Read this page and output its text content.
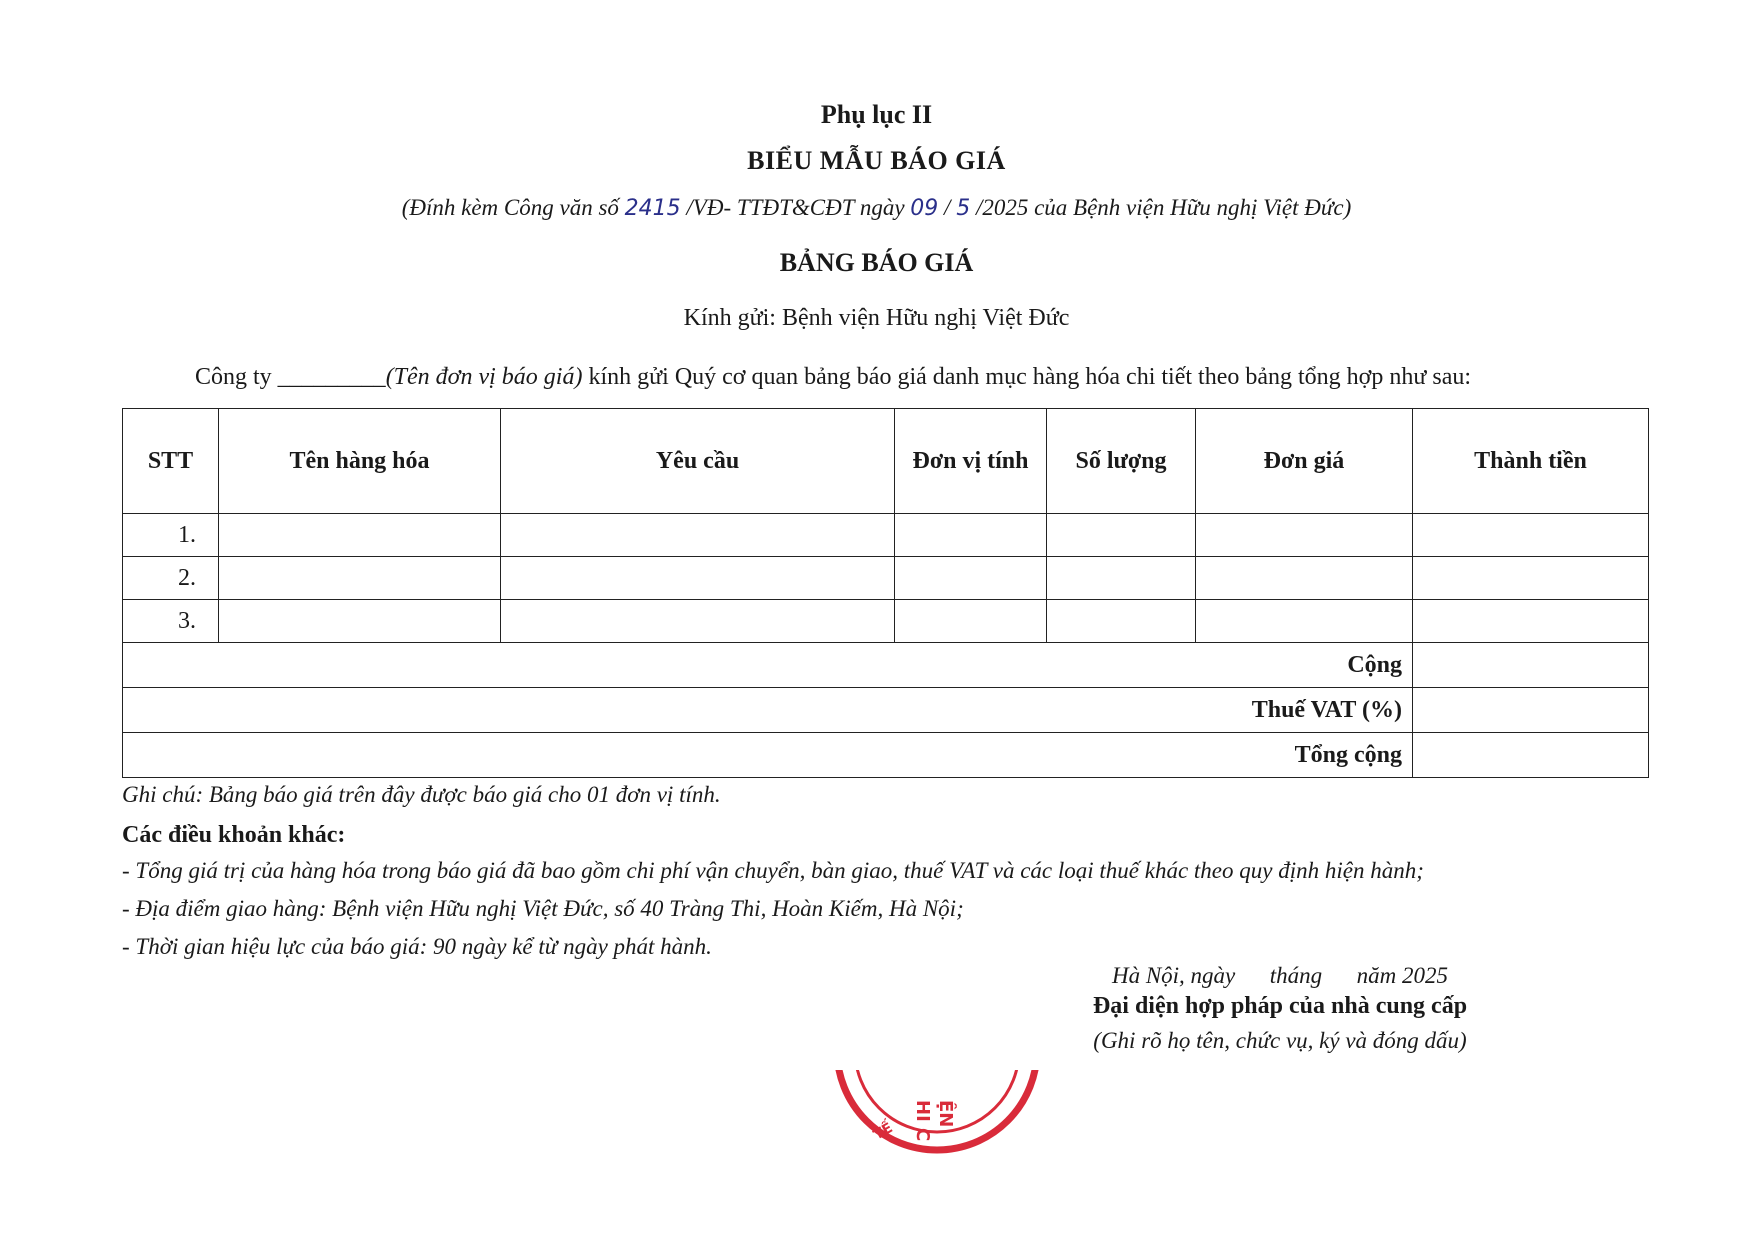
Phụ lục II
BIỂU MẪU BÁO GIÁ
(Đính kèm Công văn số 2415 /VĐ- TTĐT&CĐT ngày 09 / 5 /2025 của Bệnh viện Hữu nghị Việt Đức)
BẢNG BÁO GIÁ
Kính gửi: Bệnh viện Hữu nghị Việt Đức
Công ty _________(Tên đơn vị báo giá) kính gửi Quý cơ quan bảng báo giá danh mục hàng hóa chi tiết theo bảng tổng hợp như sau:
STT	Tên hàng hóa	Yêu cầu	Đơn vị tính	Số lượng	Đơn giá	Thành tiền
1.						
2.						
3.						
Cộng						
Thuế VAT (%)						
Tổng cộng						
Ghi chú: Bảng báo giá trên đây được báo giá cho 01 đơn vị tính.
Các điều khoản khác:
- Tổng giá trị của hàng hóa trong báo giá đã bao gồm chi phí vận chuyển, bàn giao, thuế VAT và các loại thuế khác theo quy định hiện hành;
- Địa điểm giao hàng: Bệnh viện Hữu nghị Việt Đức, số 40 Tràng Thi, Hoàn Kiếm, Hà Nội;
- Thời gian hiệu lực của báo giá: 90 ngày kể từ ngày phát hành.
Hà Nội, ngày      tháng      năm 2025
Đại diện hợp pháp của nhà cung cấp
(Ghi rõ họ tên, chức vụ, ký và đóng dấu)
HI C ỆN
TẾ
